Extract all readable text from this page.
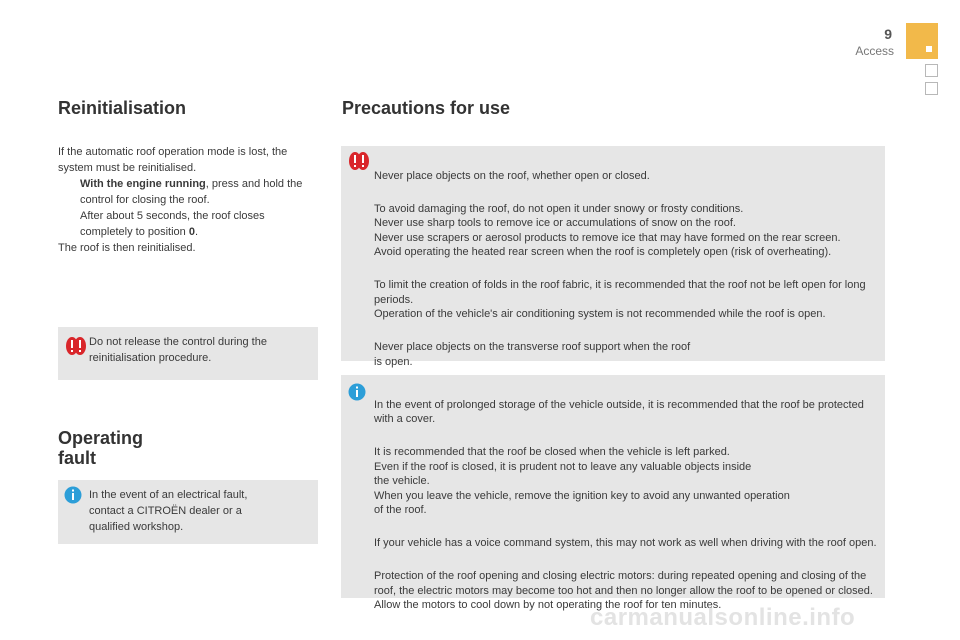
9
Access
Reinitialisation

If the automatic roof operation mode is lost, the system must be reinitialised.

With the engine running, press and hold the control for closing the roof.

After about 5 seconds, the roof closes completely to position 0.

The roof is then reinitialised.

Do not release the control during the reinitialisation procedure.
Operating
fault
In the event of an electrical fault, contact a CITROËN dealer or a qualified workshop.
Precautions for use

Never place objects on the roof, whether open or closed.

To avoid damaging the roof, do not open it under snowy or frosty conditions.
Never use sharp tools to remove ice or accumulations of snow on the roof.
Never use scrapers or aerosol products to remove ice that may have formed on the rear screen.
Avoid operating the heated rear screen when the roof is completely open (risk of overheating).

To limit the creation of folds in the roof fabric, it is recommended that the roof not be left open for long periods.
Operation of the vehicle's air conditioning system is not recommended while the roof is open.

Never place objects on the transverse roof support when the roof
is open.

In the event of prolonged storage of the vehicle outside, it is recommended that the roof be protected with a cover.

It is recommended that the roof be closed when the vehicle is left parked.
Even if the roof is closed, it is prudent not to leave any valuable objects inside
the vehicle.
When you leave the vehicle, remove the ignition key to avoid any unwanted operation
of the roof.

If your vehicle has a voice command system, this may not work as well when driving with the roof open.

Protection of the roof opening and closing electric motors: during repeated opening and closing of the roof, the electric motors may become too hot and then no longer allow the roof to be opened or closed. Allow the motors to cool down by not operating the roof for ten minutes.

carmanualsonline.info
